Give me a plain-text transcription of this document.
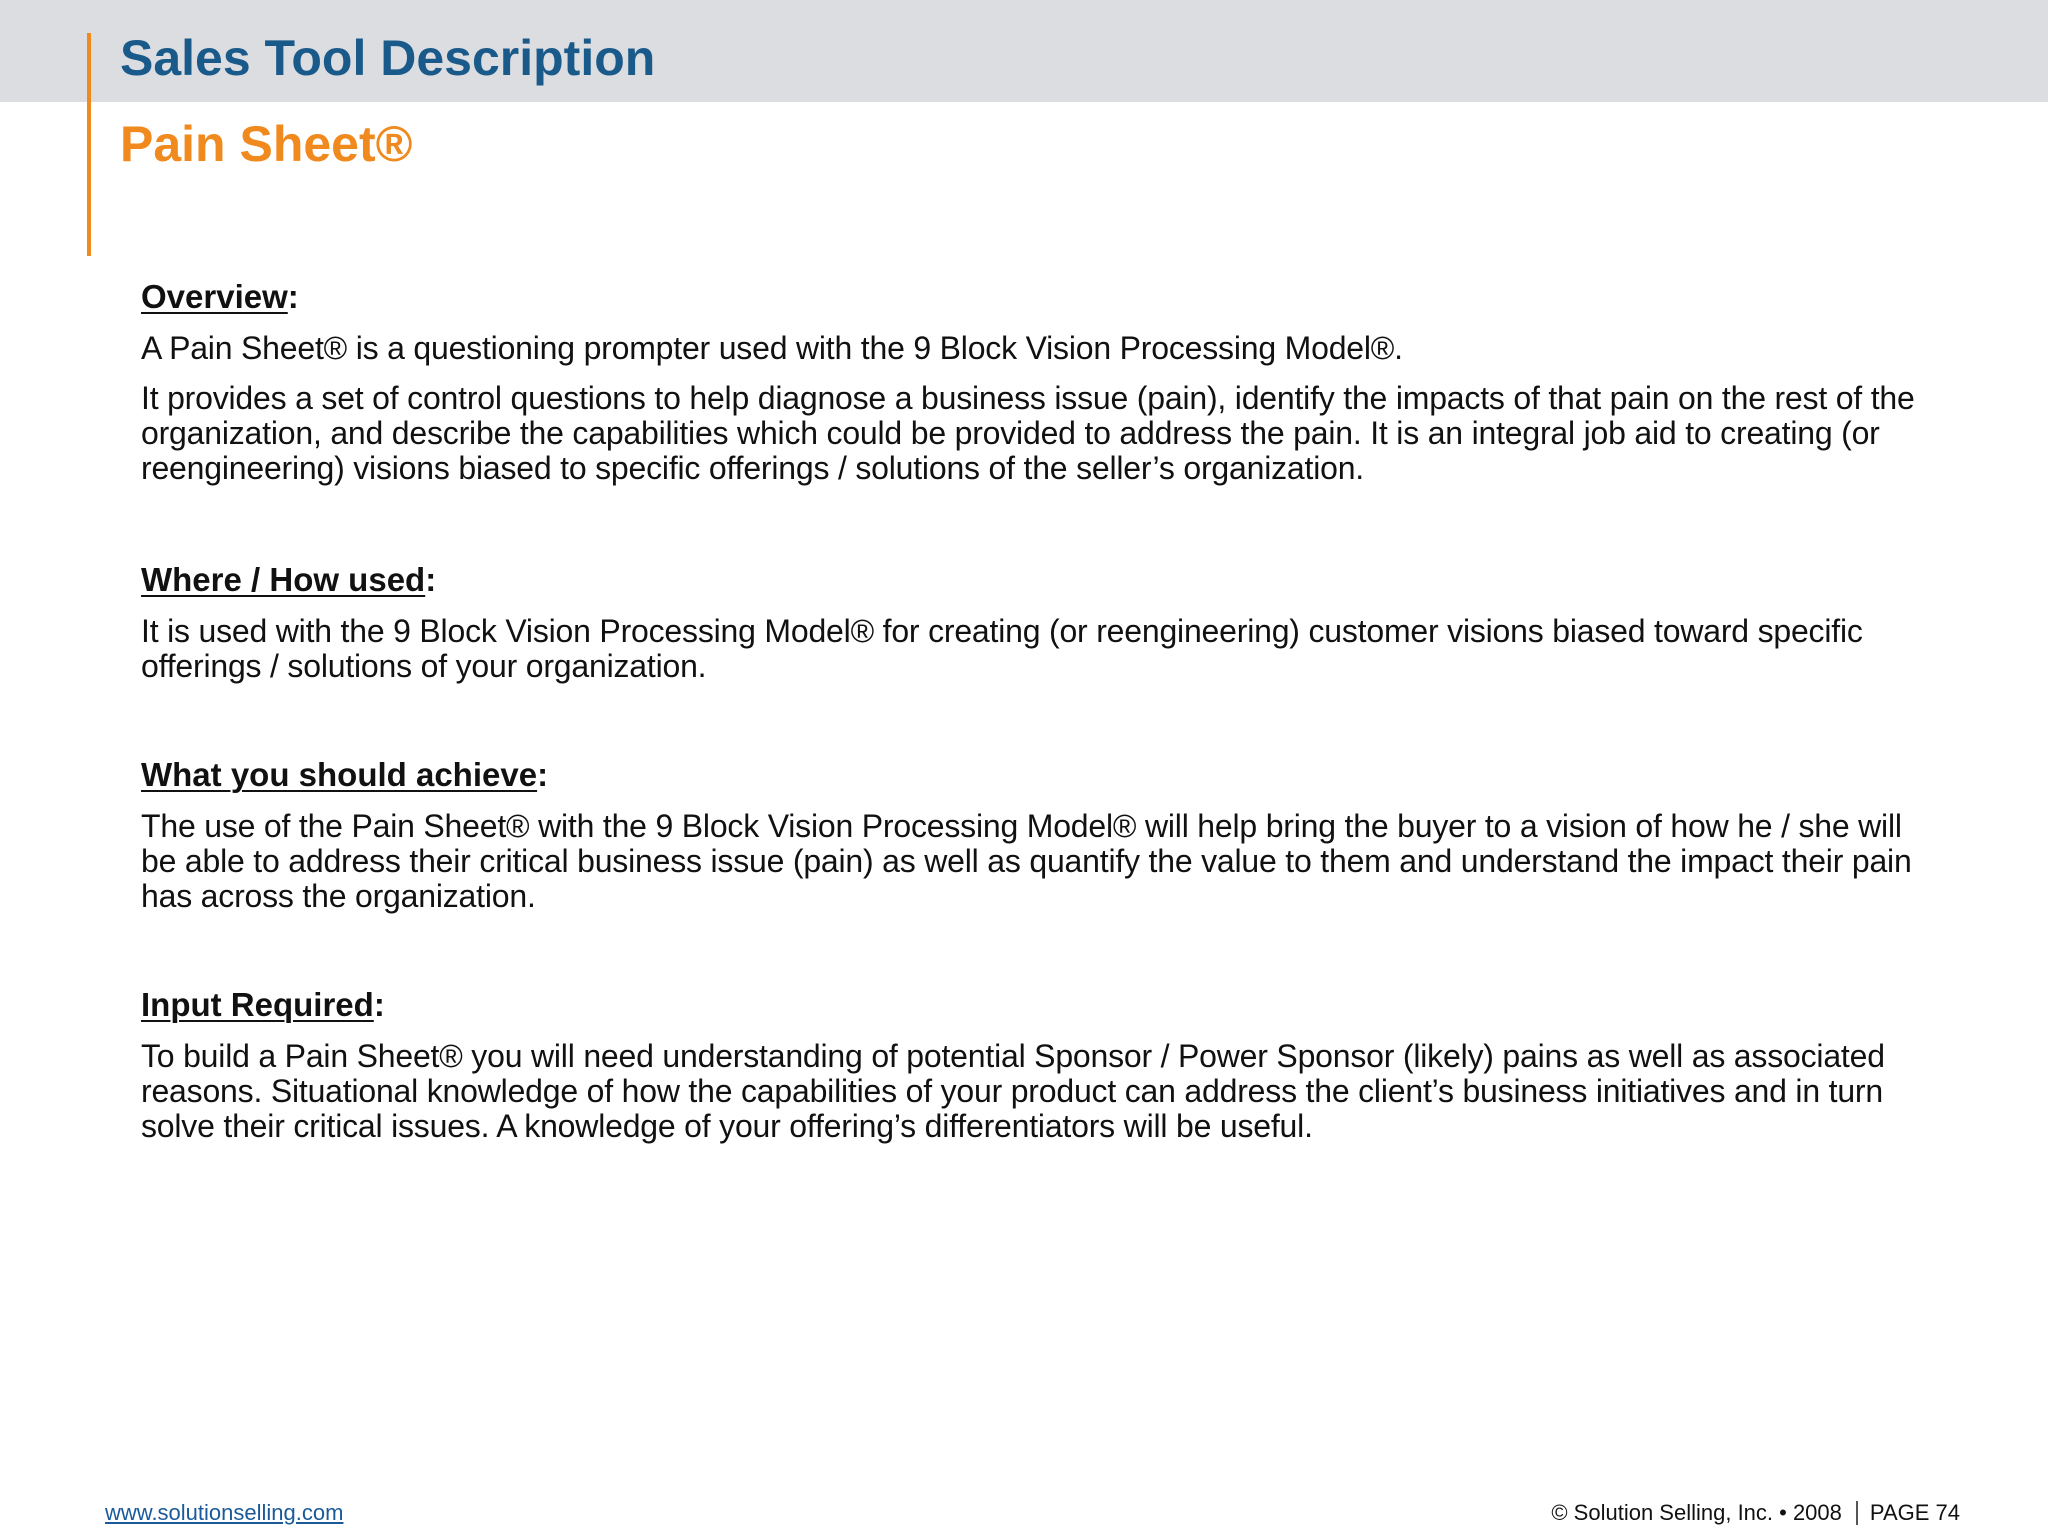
Sales Tool Description
Pain Sheet®
Overview:

A Pain Sheet® is a questioning prompter used with the 9 Block Vision Processing Model®.

It provides a set of control questions to help diagnose a business issue (pain), identify the impacts of that pain on the rest of the organization, and describe the capabilities which could be provided to address the pain. It is an integral job aid to creating (or reengineering) visions biased to specific offerings / solutions of the seller’s organization.

Where / How used:

It is used with the 9 Block Vision Processing Model® for creating (or reengineering) customer visions biased toward specific offerings / solutions of your organization.

What you should achieve:

The use of the Pain Sheet® with the 9 Block Vision Processing Model® will help bring the buyer to a vision of how he / she will be able to address their critical business issue (pain) as well as quantify the value to them and understand the impact their pain has across the organization.

Input Required:

To build a Pain Sheet® you will need understanding of potential Sponsor / Power Sponsor (likely) pains as well as associated reasons. Situational knowledge of how the capabilities of your product can address the client’s business initiatives and in turn solve their critical issues. A knowledge of your offering’s differentiators will be useful.

www.solutionselling.com	© Solution Selling, Inc. • 2008 PAGE 74
